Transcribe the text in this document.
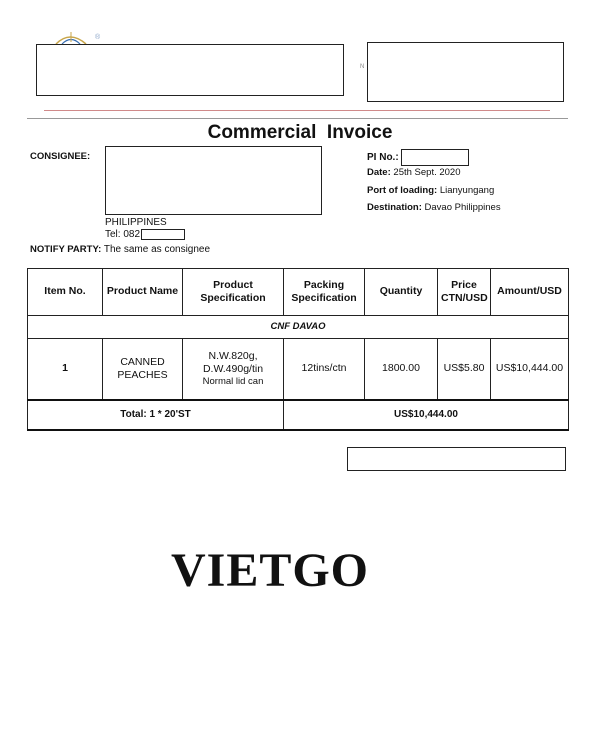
®
N
Commercial  Invoice
CONSIGNEE:
PHILIPPINES
Tel: 082
NOTIFY PARTY: The same as consignee
PI No.:
Date: 25th Sept. 2020
Port of loading: Lianyungang
Destination: Davao Philippines
Item No.	Product Name	Product Specification	Packing Specification	Quantity	Price CTN/USD	Amount/USD
CNF DAVAO						
1	CANNED PEACHES	N.W.820g,
D.W.490g/tin
Normal lid can	12tins/ctn	1800.00	US$5.80	US$10,444.00
Total: 1 * 20'ST			US$10,444.00			
VIETGO
